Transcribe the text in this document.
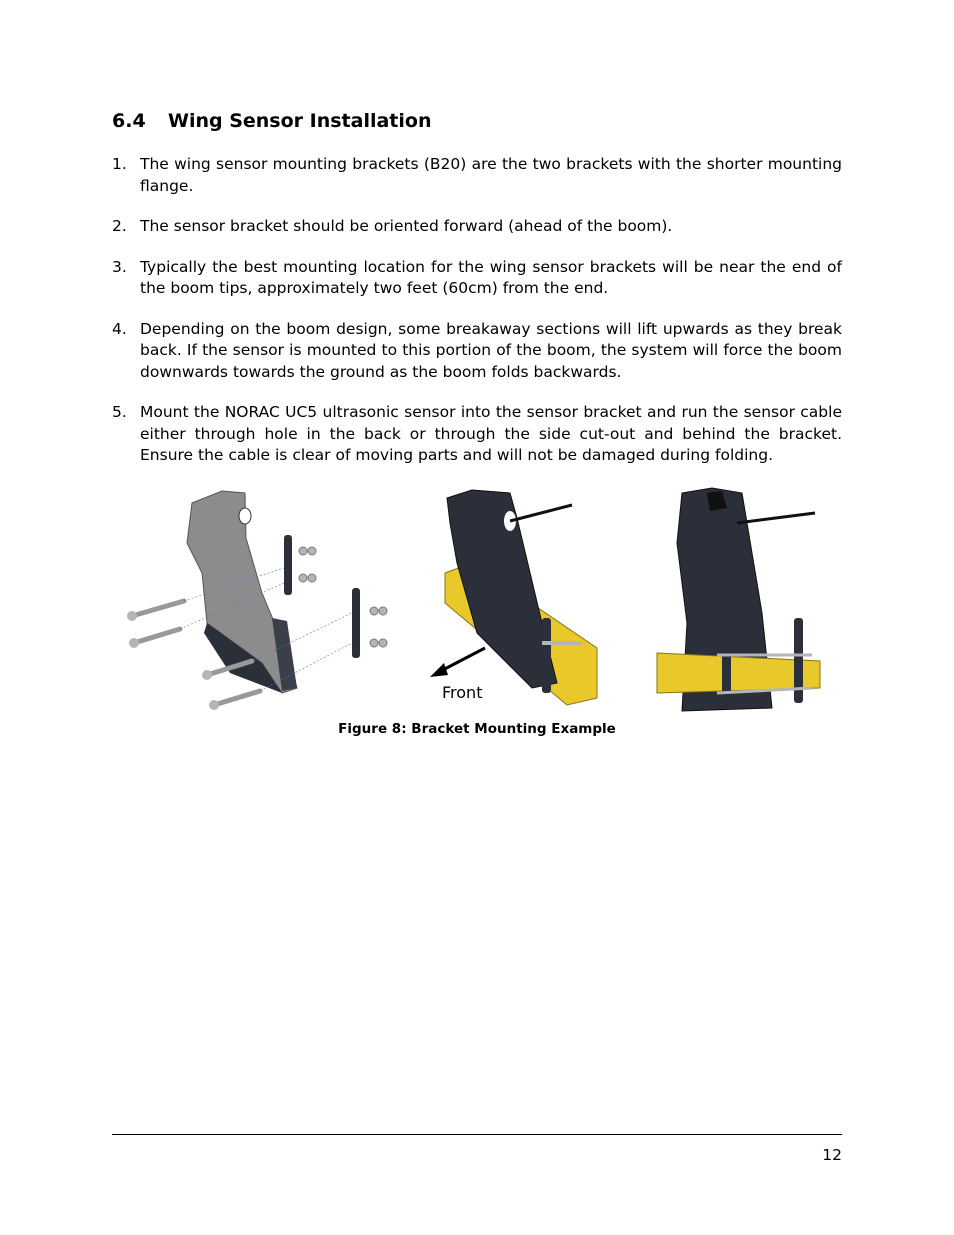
6.4 Wing Sensor Installation
1. The wing sensor mounting brackets (B20) are the two brackets with the shorter mounting flange.
2. The sensor bracket should be oriented forward (ahead of the boom).
3. Typically the best mounting location for the wing sensor brackets will be near the end of the boom tips, approximately two feet (60cm) from the end.
4. Depending on the boom design, some breakaway sections will lift upwards as they break back. If the sensor is mounted to this portion of the boom, the system will force the boom downwards towards the ground as the boom folds backwards.
5. Mount the NORAC UC5 ultrasonic sensor into the sensor bracket and run the sensor cable either through hole in the back or through the side cut-out and behind the bracket. Ensure the cable is clear of moving parts and will not be damaged during folding.
Front
Figure 8: Bracket Mounting Example
12
